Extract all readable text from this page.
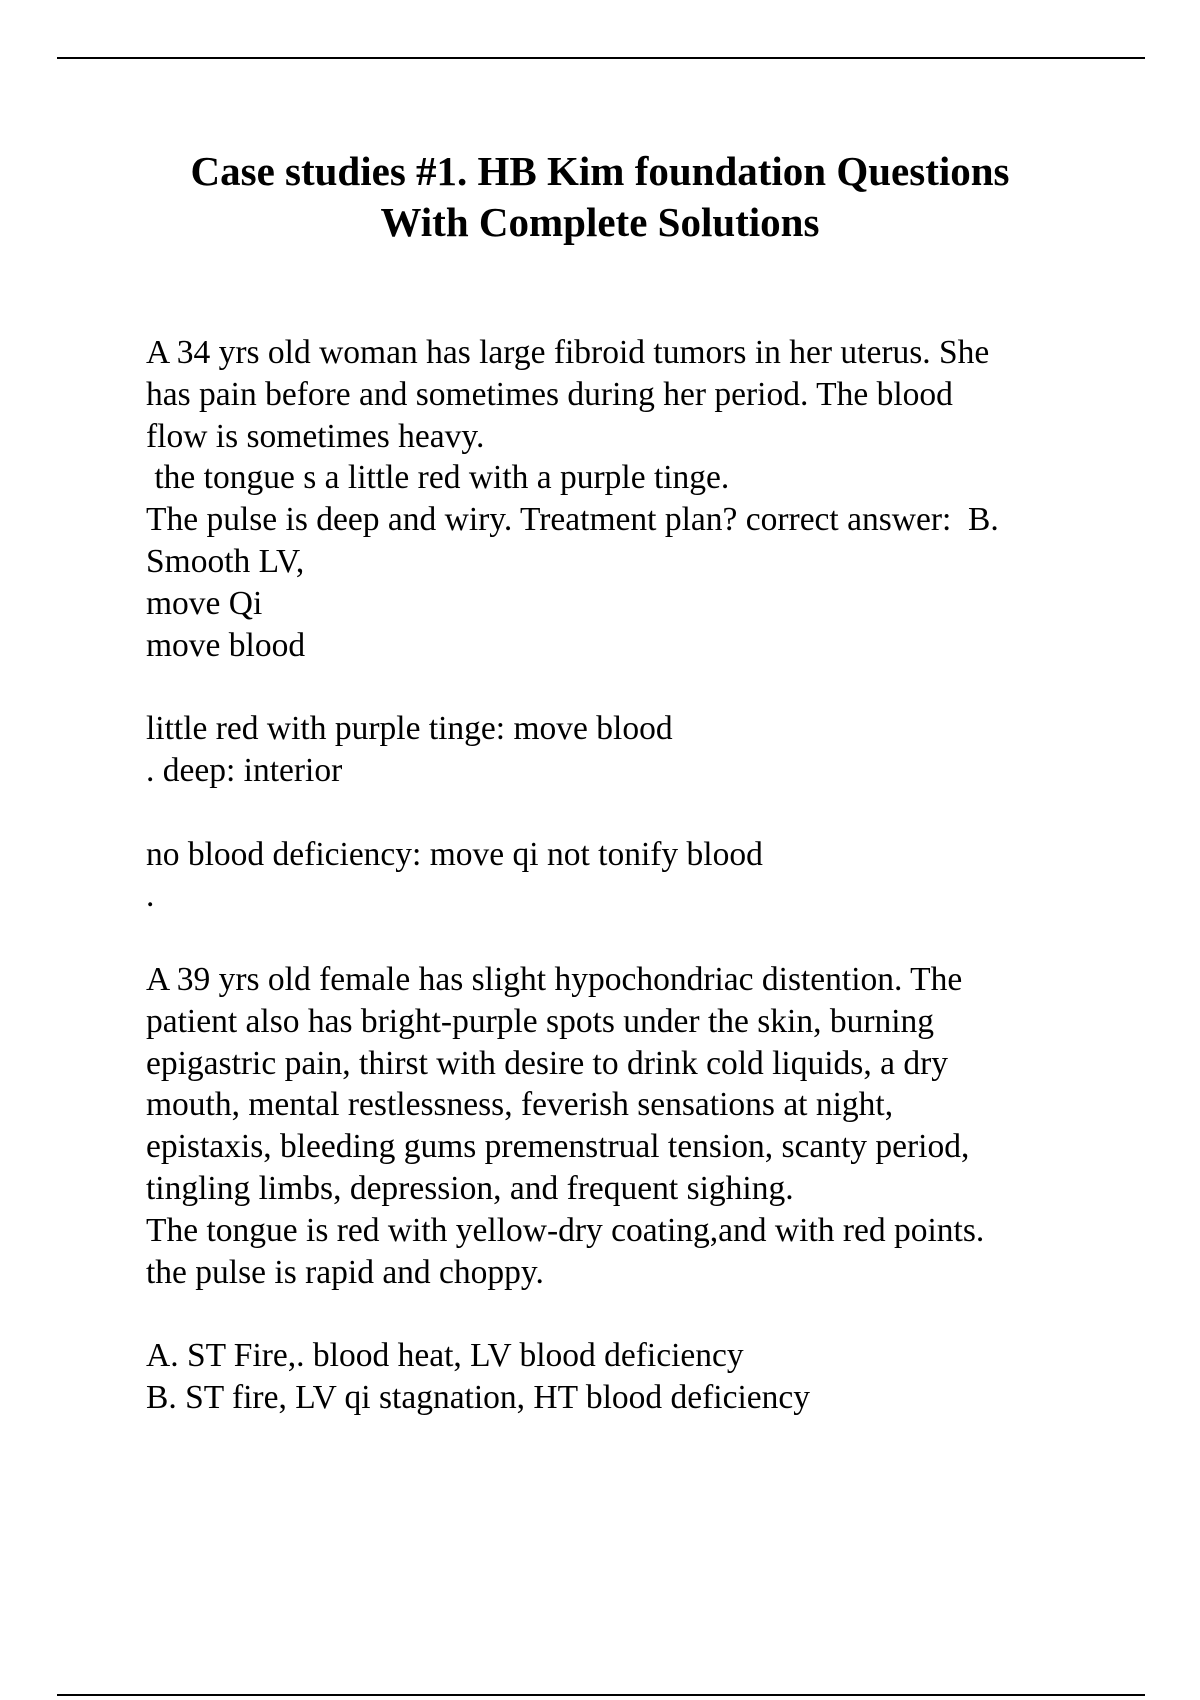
Case studies #1. HB Kim foundation Questions
With Complete Solutions
A 34 yrs old woman has large fibroid tumors in her uterus. She
has pain before and sometimes during her period. The blood
flow is sometimes heavy.
the tongue s a little red with a purple tinge.
The pulse is deep and wiry. Treatment plan? correct answer:  B.
Smooth LV,
move Qi
move blood
little red with purple tinge: move blood
. deep: interior
no blood deficiency: move qi not tonify blood
.
A 39 yrs old female has slight hypochondriac distention. The
patient also has bright-purple spots under the skin, burning
epigastric pain, thirst with desire to drink cold liquids, a dry
mouth, mental restlessness, feverish sensations at night,
epistaxis, bleeding gums premenstrual tension, scanty period,
tingling limbs, depression, and frequent sighing.
The tongue is red with yellow-dry coating,and with red points.
the pulse is rapid and choppy.
A. ST Fire,. blood heat, LV blood deficiency
B. ST fire, LV qi stagnation, HT blood deficiency
